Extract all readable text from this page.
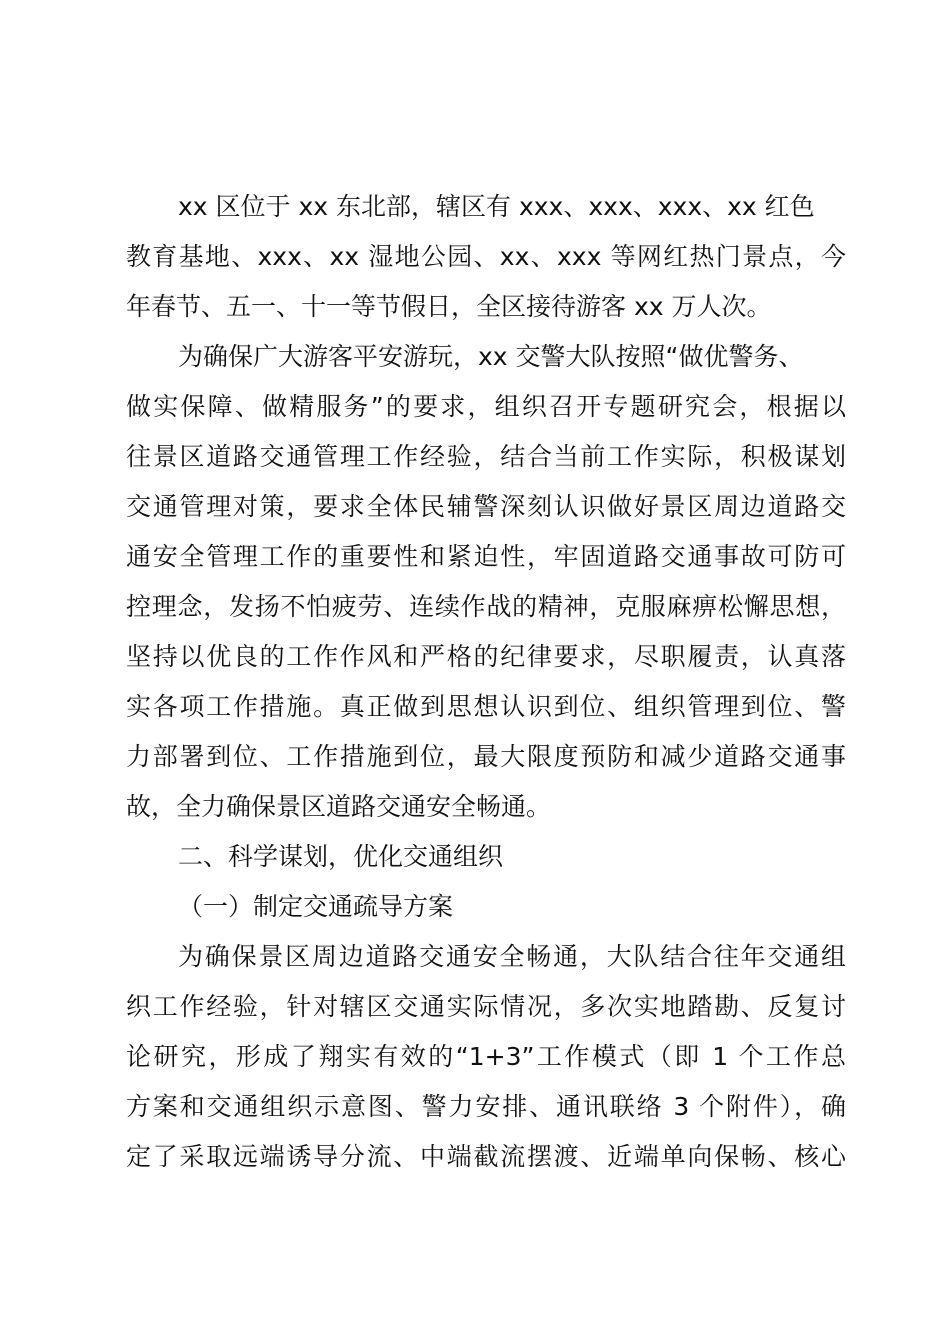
xx 区位于 xx 东北部，辖区有 xxx、xxx、xxx、xx 红色
教育基地、xxx、xx 湿地公园、xx、xxx 等网红热门景点，今
年春节、五一、十一等节假日，全区接待游客 xx 万人次。
为确保广大游客平安游玩，xx 交警大队按照“做优警务、
做实保障、做精服务”的要求，组织召开专题研究会，根据以
往景区道路交通管理工作经验，结合当前工作实际，积极谋划
交通管理对策，要求全体民辅警深刻认识做好景区周边道路交
通安全管理工作的重要性和紧迫性，牢固道路交通事故可防可
控理念，发扬不怕疲劳、连续作战的精神，克服麻痹松懈思想，
坚持以优良的工作作风和严格的纪律要求，尽职履责，认真落
实各项工作措施。真正做到思想认识到位、组织管理到位、警
力部署到位、工作措施到位，最大限度预防和减少道路交通事
故，全力确保景区道路交通安全畅通。
二、科学谋划，优化交通组织
（一）制定交通疏导方案
为确保景区周边道路交通安全畅通，大队结合往年交通组
织工作经验，针对辖区交通实际情况，多次实地踏勘、反复讨
论研究，形成了翔实有效的“1+3”工作模式（即 1 个工作总
方案和交通组织示意图、警力安排、通讯联络 3 个附件），确
定了采取远端诱导分流、中端截流摆渡、近端单向保畅、核心
